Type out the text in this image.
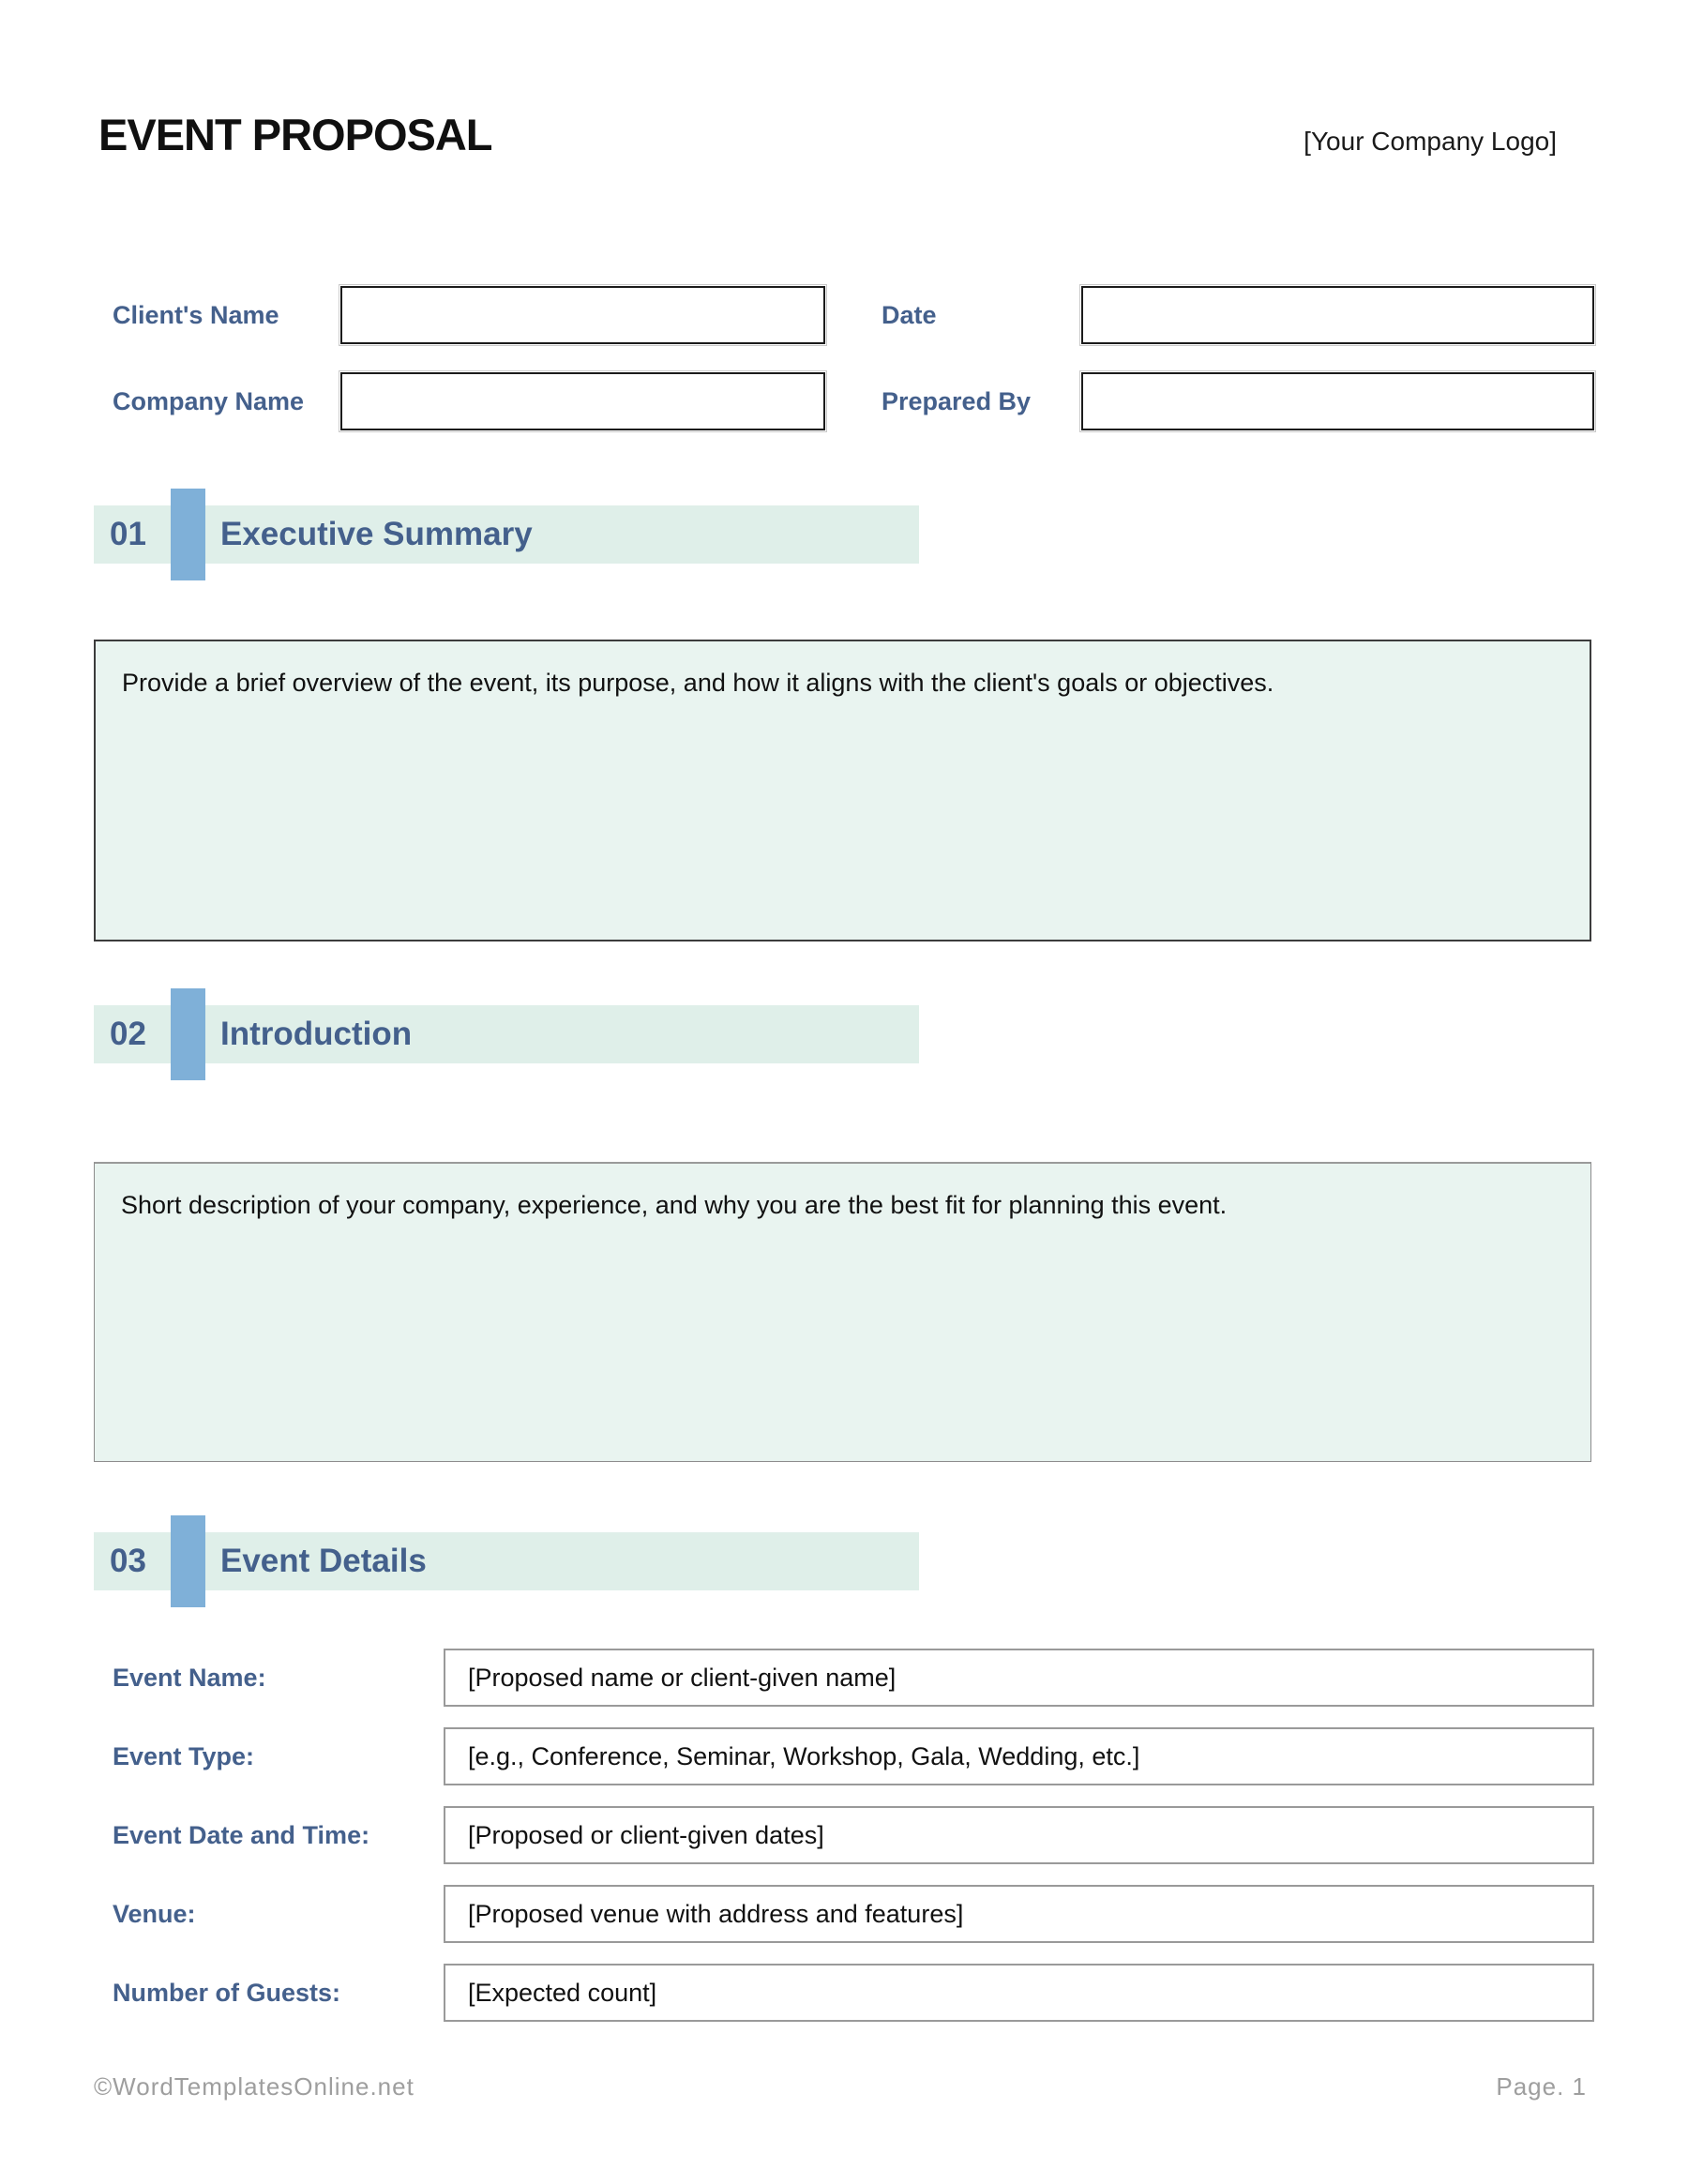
EVENT PROPOSAL	[Your Company Logo]
Client's Name	Date
Company Name	Prepared By
01	Executive Summary
Provide a brief overview of the event, its purpose, and how it aligns with the client's goals or objectives.
02	Introduction
Short description of your company, experience, and why you are the best fit for planning this event.
03	Event Details
Event Name:	[Proposed name or client-given name]
Event Type:	[e.g., Conference, Seminar, Workshop, Gala, Wedding, etc.]
Event Date and Time:	[Proposed or client-given dates]
Venue:	[Proposed venue with address and features]
Number of Guests:	[Expected count]
©WordTemplatesOnline.net	Page. 1
